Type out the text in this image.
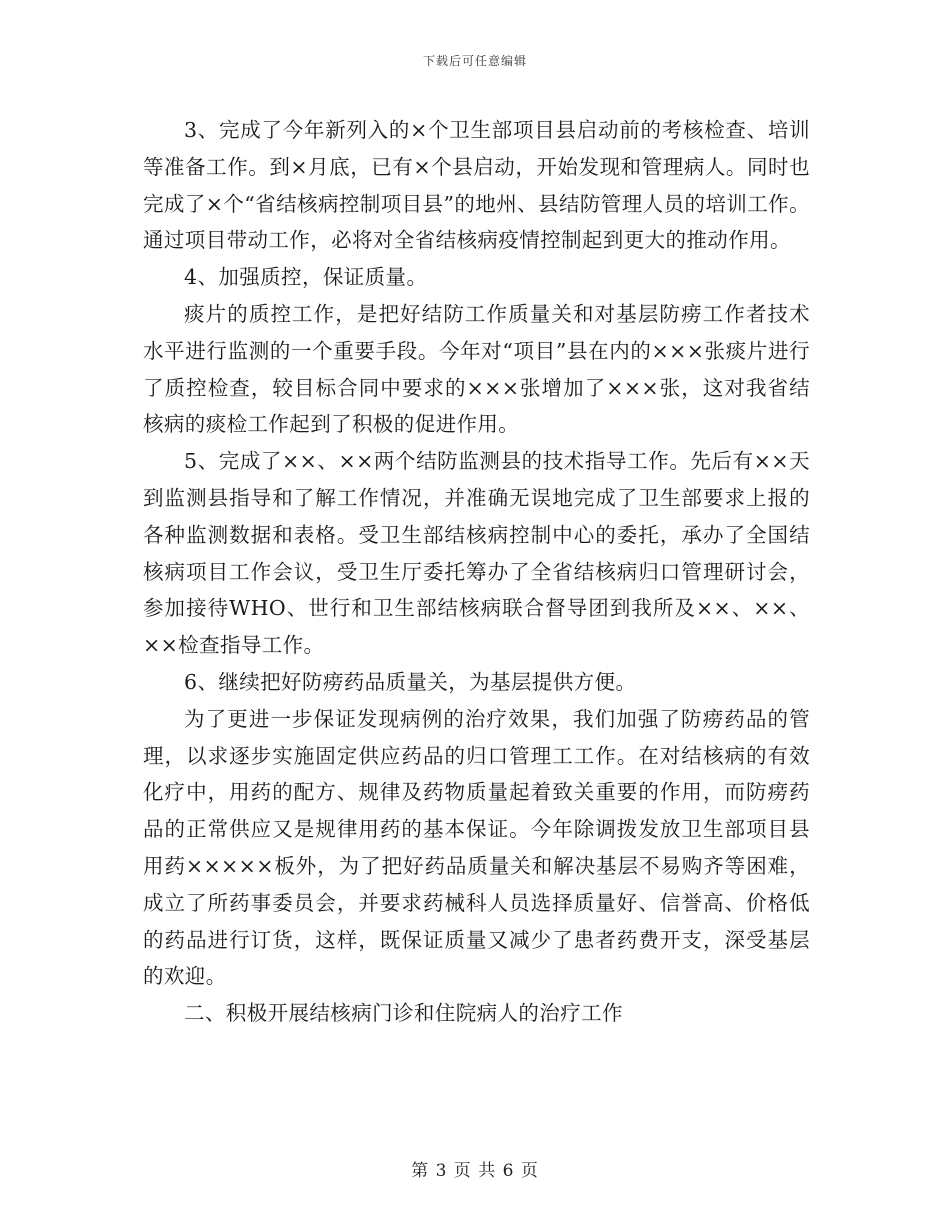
下载后可任意编辑

3、完成了今年新列入的×个卫生部项目县启动前的考核检查、培训等准备工作。到×月底，已有×个县启动，开始发现和管理病人。同时也完成了×个“省结核病控制项目县”的地州、县结防管理人员的培训工作。通过项目带动工作，必将对全省结核病疫情控制起到更大的推动作用。

4、加强质控，保证质量。

痰片的质控工作，是把好结防工作质量关和对基层防痨工作者技术水平进行监测的一个重要手段。今年对“项目”县在内的×××张痰片进行了质控检查，较目标合同中要求的×××张增加了×××张，这对我省结核病的痰检工作起到了积极的促进作用。

5、完成了××、××两个结防监测县的技术指导工作。先后有××天到监测县指导和了解工作情况，并准确无误地完成了卫生部要求上报的各种监测数据和表格。受卫生部结核病控制中心的委托，承办了全国结核病项目工作会议，受卫生厅委托筹办了全省结核病归口管理研讨会，参加接待WHO、世行和卫生部结核病联合督导团到我所及××、××、××检查指导工作。

6、继续把好防痨药品质量关，为基层提供方便。

为了更进一步保证发现病例的治疗效果，我们加强了防痨药品的管理，以求逐步实施固定供应药品的归口管理工工作。在对结核病的有效化疗中，用药的配方、规律及药物质量起着致关重要的作用，而防痨药品的正常供应又是规律用药的基本保证。今年除调拨发放卫生部项目县用药×××××板外，为了把好药品质量关和解决基层不易购齐等困难，成立了所药事委员会，并要求药械科人员选择质量好、信誉高、价格低的药品进行订货，这样，既保证质量又减少了患者药费开支，深受基层的欢迎。

二、积极开展结核病门诊和住院病人的治疗工作

第 3 页 共 6 页
